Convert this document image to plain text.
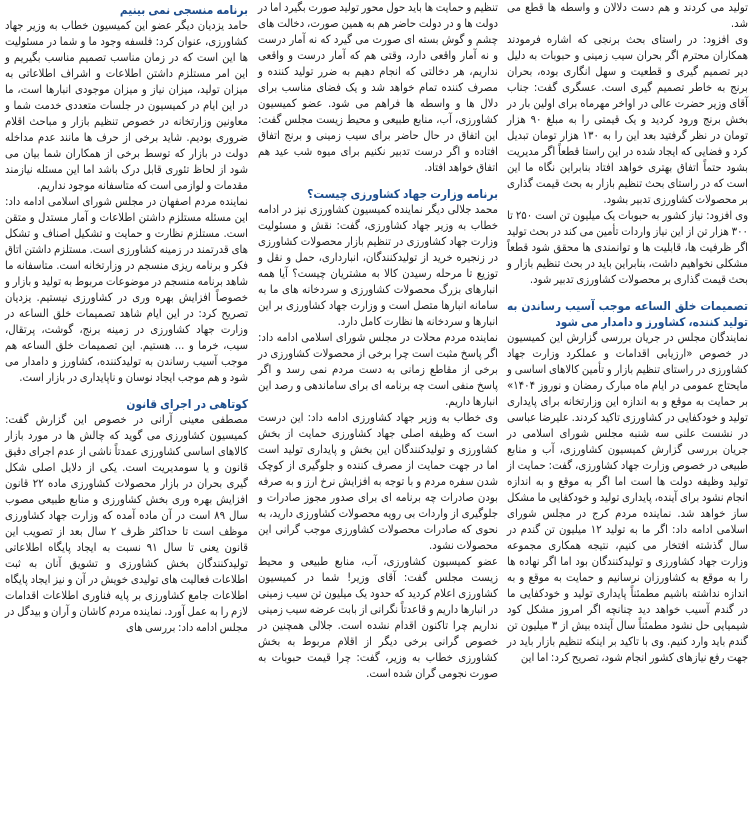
تولید می کردند و هم دست دلالان و واسطه ها قطع می شد.

وی افزود: در راستای بحث برنجی که اشاره فرمودند همکاران محترم اگر بحران سیب زمینی و حبوبات به دلیل دیر تصمیم گیری و قطعیت و سهل انگاری بوده، بحران برنج به خاطر تصمیم گیری است. عسگری گفت: جناب آقای وزیر حضرت عالی در اواخر مهرماه برای اولین بار در بخش برنج ورود کردید و یک قیمتی را به مبلغ ۹۰ هزار تومان در نظر گرفتید بعد این را به ۱۳۰ هزار تومان تبدیل کرد و فضایی که ایجاد شده در این راستا قطعاً اگر مدیریت بشود حتماً اتفاق بهتری خواهد افتاد بنابراین نگاه ما این است که در راستای بحث تنظیم بازار به بحث قیمت گذاری بر محصولات کشاورزی تدبیر بشود.

وی افزود: نیاز کشور به حبوبات یک میلیون تن است ۲۵۰ تا ۳۰۰ هزار تن از این نیاز واردات تأمین می کند در بحث تولید اگر ظرفیت ها، قابلیت ها و توانمندی ها محقق شود قطعاً مشکلی نخواهیم داشت، بنابراین باید در بحث تنظیم بازار و بحث قیمت گذاری بر محصولات کشاورزی تدبیر شود.

تصمیمات خلق الساعه موجب آسیب رساندن به تولید کننده، کشاورز و دامدار می شود

نمایندگان مجلس در جریان بررسی گزارش این کمیسیون در خصوص «ارزیابی اقدامات و عملکرد وزارت جهاد کشاورزی در راستای تنظیم بازار و تأمین کالاهای اساسی و مایحتاج عمومی در ایام ماه مبارک رمضان و نوروز ۱۴۰۴» بر حمایت به موقع و به اندازه این وزارتخانه برای پایداری تولید و خودکفایی در کشاورزی تاکید کردند. علیرضا عباسی در نشست علنی سه شنبه مجلس شورای اسلامی در جریان بررسی گزارش کمیسیون کشاورزی، آب و منابع طبیعی در خصوص وزارت جهاد کشاورزی، گفت: حمایت از تولید وظیفه دولت ها است اما اگر به موقع و به اندازه انجام نشود برای آینده، پایداری تولید و خودکفایی ما مشکل ساز خواهد شد. نماینده مردم کرج در مجلس شورای اسلامی ادامه داد: اگر ما به تولید ۱۲ میلیون تن گندم در سال گذشته افتخار می کنیم، نتیجه همکاری مجموعه وزارت جهاد کشاورزی و تولیدکنندگان بود اما اگر نهاده ها را به موقع به کشاورزان نرسانیم و حمایت به موقع و به اندازه نداشته باشیم مطمئناً پایداری تولید و خودکفایی ما در گندم آسیب خواهد دید چنانچه اگر امروز مشکل کود شیمیایی حل نشود مطمئناً سال آینده بیش از ۳ میلیون تن گندم باید وارد کنیم. وی با تاکید بر اینکه تنظیم بازار باید در جهت رفع نیازهای کشور انجام شود، تصریح کرد: اما این

تنظیم و حمایت ها باید حول محور تولید صورت بگیرد اما در دولت ها و در دولت حاضر هم به همین صورت، دخالت های چشم و گوش بسته ای صورت می گیرد که نه آمار درست و نه آمار واقعی دارد، وقتی هم که آمار درست و واقعی نداریم، هر دخالتی که انجام دهیم به ضرر تولید کننده و مصرف کننده تمام خواهد شد و یک فضای مناسب برای دلال ها و واسطه ها فراهم می شود. عضو کمیسیون کشاورزی، آب، منابع طبیعی و محیط زیست مجلس گفت: این اتفاق در حال حاضر برای سیب زمینی و برنج اتفاق افتاده و اگر درست تدبیر نکنیم برای میوه شب عید هم اتفاق خواهد افتاد.

برنامه وزارت جهاد کشاورزی چیست؟

محمد جلالی دیگر نماینده کمیسیون کشاورزی نیز در ادامه خطاب به وزیر جهاد کشاورزی، گفت: نقش و مسئولیت وزارت جهاد کشاورزی در تنظیم بازار محصولات کشاورزی در زنجیره خرید از تولیدکنندگان، انبارداری، حمل و نقل و توزیع تا مرحله رسیدن کالا به مشتریان چیست؟ آیا همه انبارهای بزرگ محصولات کشاورزی و سردخانه های ما به سامانه انبارها متصل است و وزارت جهاد کشاورزی بر این انبارها و سردخانه ها نظارت کامل دارد.

نماینده مردم محلات در مجلس شورای اسلامی ادامه داد: اگر پاسخ مثبت است چرا برخی از محصولات کشاورزی در برخی از مقاطع زمانی به دست مردم نمی رسد و اگر پاسخ منفی است چه برنامه ای برای ساماندهی و رصد این انبارها داریم.

وی خطاب به وزیر جهاد کشاورزی ادامه داد: این درست است که وظیفه اصلی جهاد کشاورزی حمایت از بخش کشاورزی و تولیدکنندگان این بخش و پایداری تولید است اما در جهت حمایت از مصرف کننده و جلوگیری از کوچک شدن سفره مردم و با توجه به افزایش نرخ ارز و به صرفه بودن صادرات چه برنامه ای برای صدور مجوز صادرات و جلوگیری از واردات بی رویه محصولات کشاورزی دارید، به نحوی که صادرات محصولات کشاورزی موجب گرانی این محصولات نشود.

عضو کمیسیون کشاورزی، آب، منابع طبیعی و محیط زیست مجلس گفت: آقای وزیر! شما در کمیسیون کشاورزی اعلام کردید که حدود یک میلیون تن سیب زمینی در انبارها داریم و قاعدتاً نگرانی از بابت عرضه سیب زمینی نداریم چرا تاکنون اقدام نشده است. جلالی همچنین در خصوص گرانی برخی دیگر از اقلام مربوط به بخش کشاورزی خطاب به وزیر، گفت: چرا قیمت حبوبات به صورت نجومی گران شده است.

برنامه منسجی نمی بینیم

حامد یزدیان دیگر عضو این کمیسیون خطاب به وزیر جهاد کشاورزی، عنوان کرد: فلسفه وجود ما و شما در مسئولیت ها این است که در زمان مناسب تصمیم مناسب بگیریم و این امر مستلزم داشتن اطلاعات و اشراف اطلاعاتی به میزان تولید، میزان نیاز و میزان موجودی انبارها است، ما در این ایام در کمیسیون در جلسات متعددی خدمت شما و معاونین وزارتخانه در خصوص تنظیم بازار و مباحث اقلام ضروری بودیم. شاید برخی از حرف ها مانند عدم مداخله دولت در بازار که توسط برخی از همکاران شما بیان می شود از لحاظ تئوری قابل درک باشد اما این مسئله نیازمند مقدمات و لوازمی است که متاسفانه موجود نداریم.

نماینده مردم اصفهان در مجلس شورای اسلامی ادامه داد: این مسئله مستلزم داشتن اطلاعات و آمار مستدل و متقن است. مستلزم نظارت و حمایت و تشکیل اصناف و تشکل های قدرتمند در زمینه کشاورزی است. مستلزم داشتن اتاق فکر و برنامه ریزی منسجم در وزارتخانه است. متاسفانه ما شاهد برنامه منسجم در موضوعات مربوط به تولید و بازار و خصوصاً افزایش بهره وری در کشاورزی نیستیم. یزدیان تصریح کرد: در این ایام شاهد تصمیمات خلق الساعه در وزارت جهاد کشاورزی در زمینه برنج، گوشت، پرتقال، سیب، خرما و ... هستیم. این تصمیمات خلق الساعه هم موجب آسیب رساندن به تولیدکننده، کشاورز و دامدار می شود و هم موجب ایجاد نوسان و ناپایداری در بازار است.

کوتاهی در اجرای قانون

مصطفی معینی آرانی در خصوص این گزارش گفت: کمیسیون کشاورزی می گوید که چالش ها در مورد بازار کالاهای اساسی کشاورزی عمدتاً ناشی از عدم اجرای دقیق قانون و یا سومدیریت است. یکی از دلایل اصلی شکل گیری بحران در بازار محصولات کشاورزی ماده ۲۲ قانون افزایش بهره وری بخش کشاورزی و منابع طبیعی مصوب سال ۸۹ است در آن ماده آمده که وزارت جهاد کشاورزی موظف است تا حداکثر ظرف ۲ سال بعد از تصویب این قانون یعنی تا سال ۹۱ نسبت به ایجاد پایگاه اطلاعاتی تولیدکنندگان بخش کشاورزی و تشویق آنان به ثبت اطلاعات فعالیت های تولیدی خویش در آن و نیز ایجاد پایگاه اطلاعات جامع کشاورزی بر پایه فناوری اطلاعات اقدامات لازم را به عمل آورد. نماینده مردم کاشان و آران و بیدگل در مجلس ادامه داد: بررسی های
